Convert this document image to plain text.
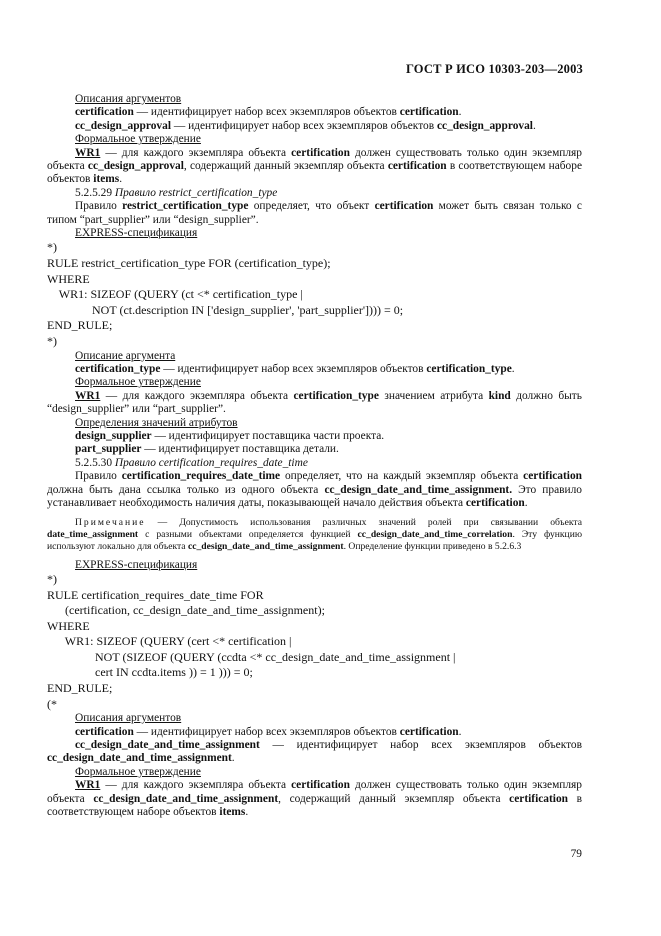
ГОСТ Р ИСО 10303-203—2003

Описания аргументов

certification — идентифицирует набор всех экземпляров объектов certification.

cc_design_approval — идентифицирует набор всех экземпляров объектов cc_design_approval.

Формальное утверждение

WR1 — для каждого экземпляра объекта certification должен существовать только один экземпляр объекта cc_design_approval, содержащий данный экземпляр объекта certification в соответствующем наборе объектов items.

5.2.5.29 Правило restrict_certification_type

Правило restrict_certification_type определяет, что объект certification может быть связан только с типом “part_supplier” или “design_supplier”.

EXPRESS-спецификация

*)
RULE restrict_certification_type FOR (certification_type);
WHERE
WR1: SIZEOF (QUERY (ct <* certification_type |
NOT (ct.description IN ['design_supplier', 'part_supplier']))) = 0;
END_RULE;
*)

Описание аргумента

certification_type — идентифицирует набор всех экземпляров объектов certification_type.

Формальное утверждение

WR1 — для каждого экземпляра объекта certification_type значением атрибута kind должно быть “design_supplier” или “part_supplier”.

Определения значений атрибутов

design_supplier — идентифицирует поставщика части проекта.

part_supplier — идентифицирует поставщика детали.

5.2.5.30 Правило certification_requires_date_time

Правило certification_requires_date_time определяет, что на каждый экземпляр объекта certification должна быть дана ссылка только из одного объекта cc_design_date_and_time_assignment. Это правило устанавливает необходимость наличия даты, показывающей начало действия объекта certification.

Примечание — Допустимость использования различных значений ролей при связывании объекта date_time_assignment с разными объектами определяется функцией cc_design_date_and_time_correlation. Эту функцию используют локально для объекта cc_design_date_and_time_assignment. Определение функции приведено в 5.2.6.3

EXPRESS-спецификация

*)
RULE certification_requires_date_time FOR
(certification, cc_design_date_and_time_assignment);
WHERE
WR1: SIZEOF (QUERY (cert <* certification |
NOT (SIZEOF (QUERY (ccdta <* cc_design_date_and_time_assignment |
cert IN ccdta.items )) = 1 ))) = 0;
END_RULE;
(*

Описания аргументов

certification — идентифицирует набор всех экземпляров объектов certification.

cc_design_date_and_time_assignment — идентифицирует набор всех экземпляров объектов cc_design_date_and_time_assignment.

Формальное утверждение

WR1 — для каждого экземпляра объекта certification должен существовать только один экземпляр объекта cc_design_date_and_time_assignment, содержащий данный экземпляр объекта certification в соответствующем наборе объектов items.

79
